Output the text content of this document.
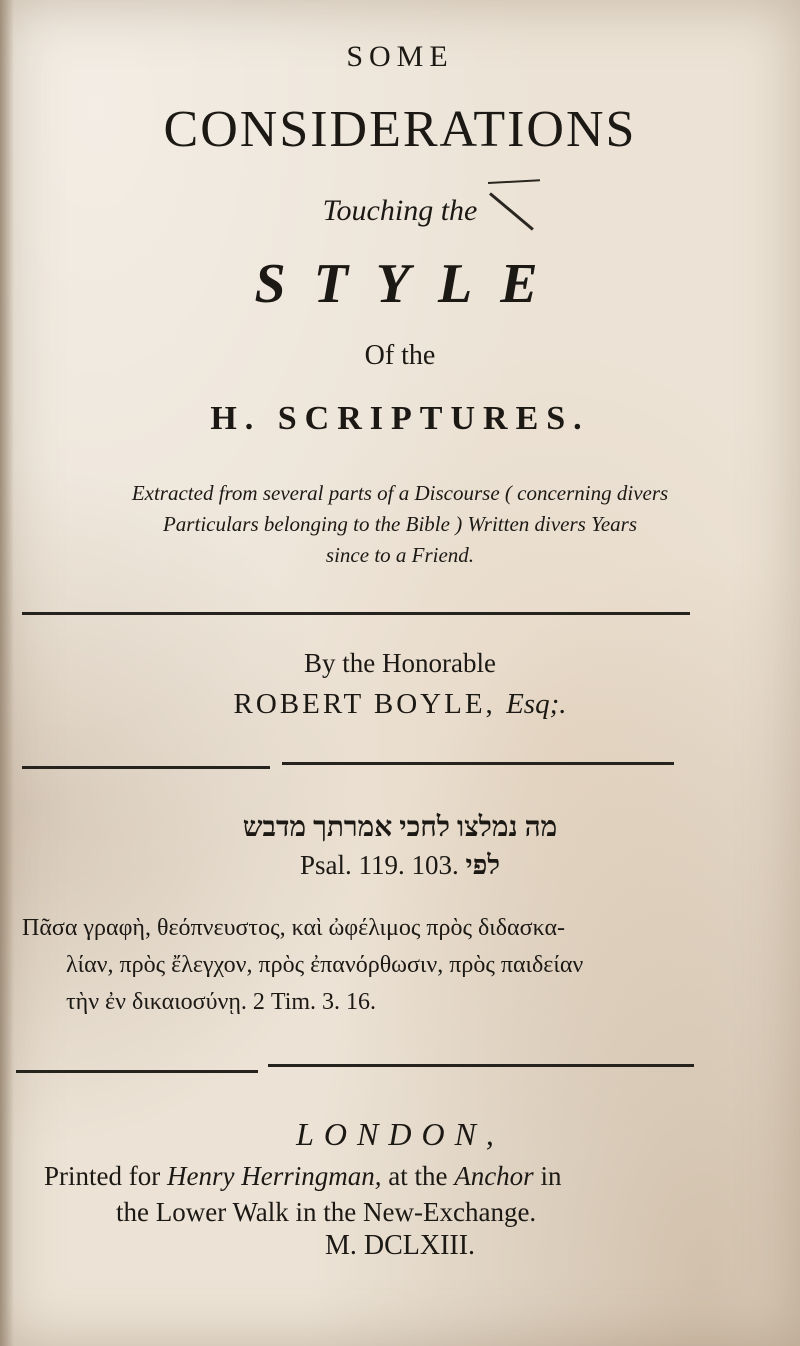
SOME
CONSIDERATIONS
Touching the
STYLE
Of the
H. SCRIPTURES.
Extracted from several parts of a Discourse ( concerning divers
Particulars belonging to the Bible ) Written divers Years
since to a Friend.
By the Honorable
ROBERT BOYLE, Esq;.
מה נמלצו לחכי אמרתך מדבש
Psal. 119. 103. לפי
Πᾶσα γραφὴ, θεόπνευστος, καὶ ὠφέλιμος πρὸς διδασκα-
λίαν, πρὸς ἔλεγχον, πρὸς ἐπανόρθωσιν, πρὸς παιδείαν
τὴν ἐν δικαιοσύνῃ. 2 Tim. 3. 16.
LONDON,
Printed for Henry Herringman, at the Anchor in
the Lower Walk in the New-Exchange.
M. DCLXIII.
